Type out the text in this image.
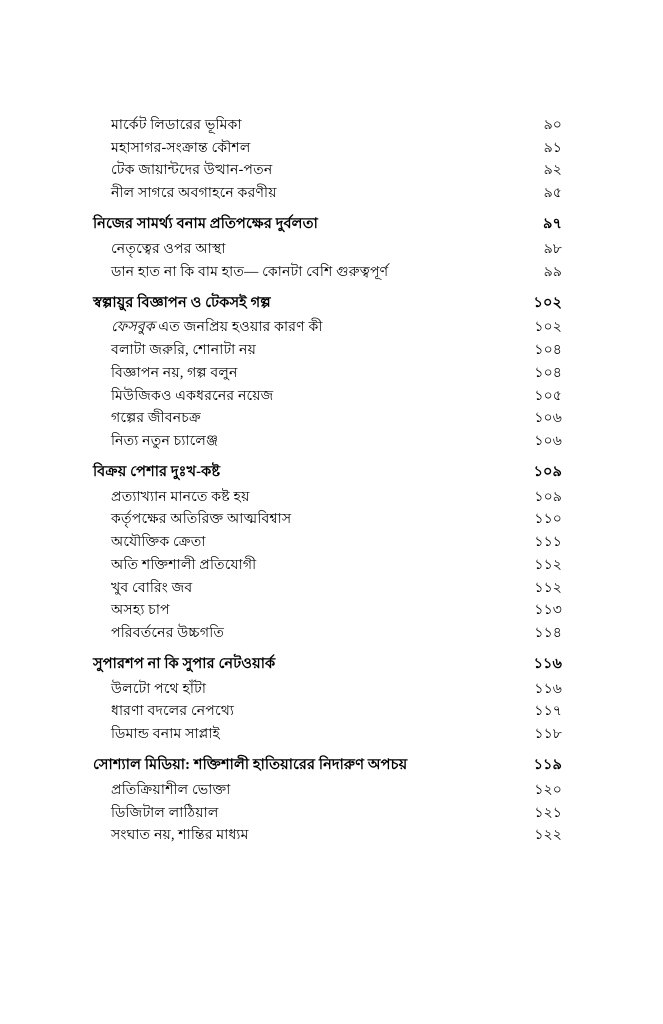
মার্কেট লিডারের ভূমিকা	৯০
মহাসাগর-সংক্রান্ত কৌশল	৯১
টেক জায়ান্টদের উত্থান-পতন	৯২
নীল সাগরে অবগাহনে করণীয়	৯৫
নিজের সামর্থ্য বনাম প্রতিপক্ষের দুর্বলতা	৯৭
নেতৃত্বের ওপর আস্থা	৯৮
ডান হাত না কি বাম হাত— কোনটা বেশি গুরুত্বপূর্ণ	৯৯
স্বল্পায়ুর বিজ্ঞাপন ও টেকসই গল্প	১০২
ফেসবুক এত জনপ্রিয় হওয়ার কারণ কী	১০২
বলাটা জরুরি, শোনাটা নয়	১০৪
বিজ্ঞাপন নয়, গল্প বলুন	১০৪
মিউজিকও একধরনের নয়েজ	১০৫
গল্পের জীবনচক্র	১০৬
নিত্য নতুন চ্যালেঞ্জ	১০৬
বিক্রয় পেশার দুঃখ-কষ্ট	১০৯
প্রত্যাখ্যান মানতে কষ্ট হয়	১০৯
কর্তৃপক্ষের অতিরিক্ত আত্মবিশ্বাস	১১০
অযৌক্তিক ক্রেতা	১১১
অতি শক্তিশালী প্রতিযোগী	১১২
খুব বোরিং জব	১১২
অসহ্য চাপ	১১৩
পরিবর্তনের উচ্চগতি	১১৪
সুপারশপ না কি সুপার নেটওয়ার্ক	১১৬
উলটো পথে হাঁটা	১১৬
ধারণা বদলের নেপথ্যে	১১৭
ডিমান্ড বনাম সাপ্লাই	১১৮
সোশ্যাল মিডিয়া: শক্তিশালী হাতিয়ারের নিদারুণ অপচয়	১১৯
প্রতিক্রিয়াশীল ভোক্তা	১২০
ডিজিটাল লাঠিয়াল	১২১
সংঘাত নয়, শান্তির মাধ্যম	১২২
